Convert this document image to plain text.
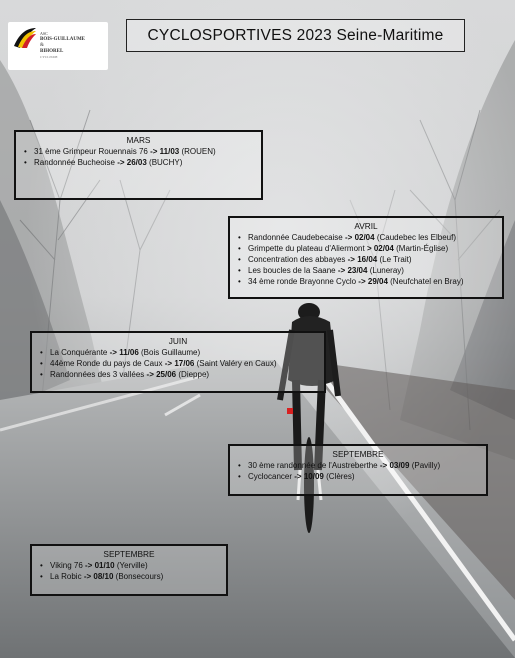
ASC
BOIS-GUILLAUME
&
BIHOREL
CYCLISME
CYCLOSPORTIVES 2023 Seine-Maritime
MARS
• 31 ème Grimpeur Rouennais 76 -> 11/03 (ROUEN)
• Randonnée Bucheoise -> 26/03 (BUCHY)
AVRIL
• Randonnée Caudebecaise -> 02/04 (Caudebec les Elbeuf)
• Grimpette du plateau d'Aliermont > 02/04 (Martin-Église)
• Concentration des abbayes -> 16/04 (Le Trait)
• Les boucles de la Saane -> 23/04 (Luneray)
• 34 ème ronde Brayonne Cyclo -> 29/04 (Neufchatel en Bray)
JUIN
• La Conquérante -> 11/06 (Bois Guillaume)
• 44ème Ronde du pays de Caux -> 17/06 (Saint Valéry en Caux)
• Randonnées des 3 vallées -> 25/06 (Dieppe)
SEPTEMBRE
• 30 ème randonnée de l'Austreberthe -> 03/09 (Pavilly)
• Cyclocancer -> 10/09 (Clères)
SEPTEMBRE
• Viking 76 -> 01/10 (Yerville)
• La Robic -> 08/10 (Bonsecours)
